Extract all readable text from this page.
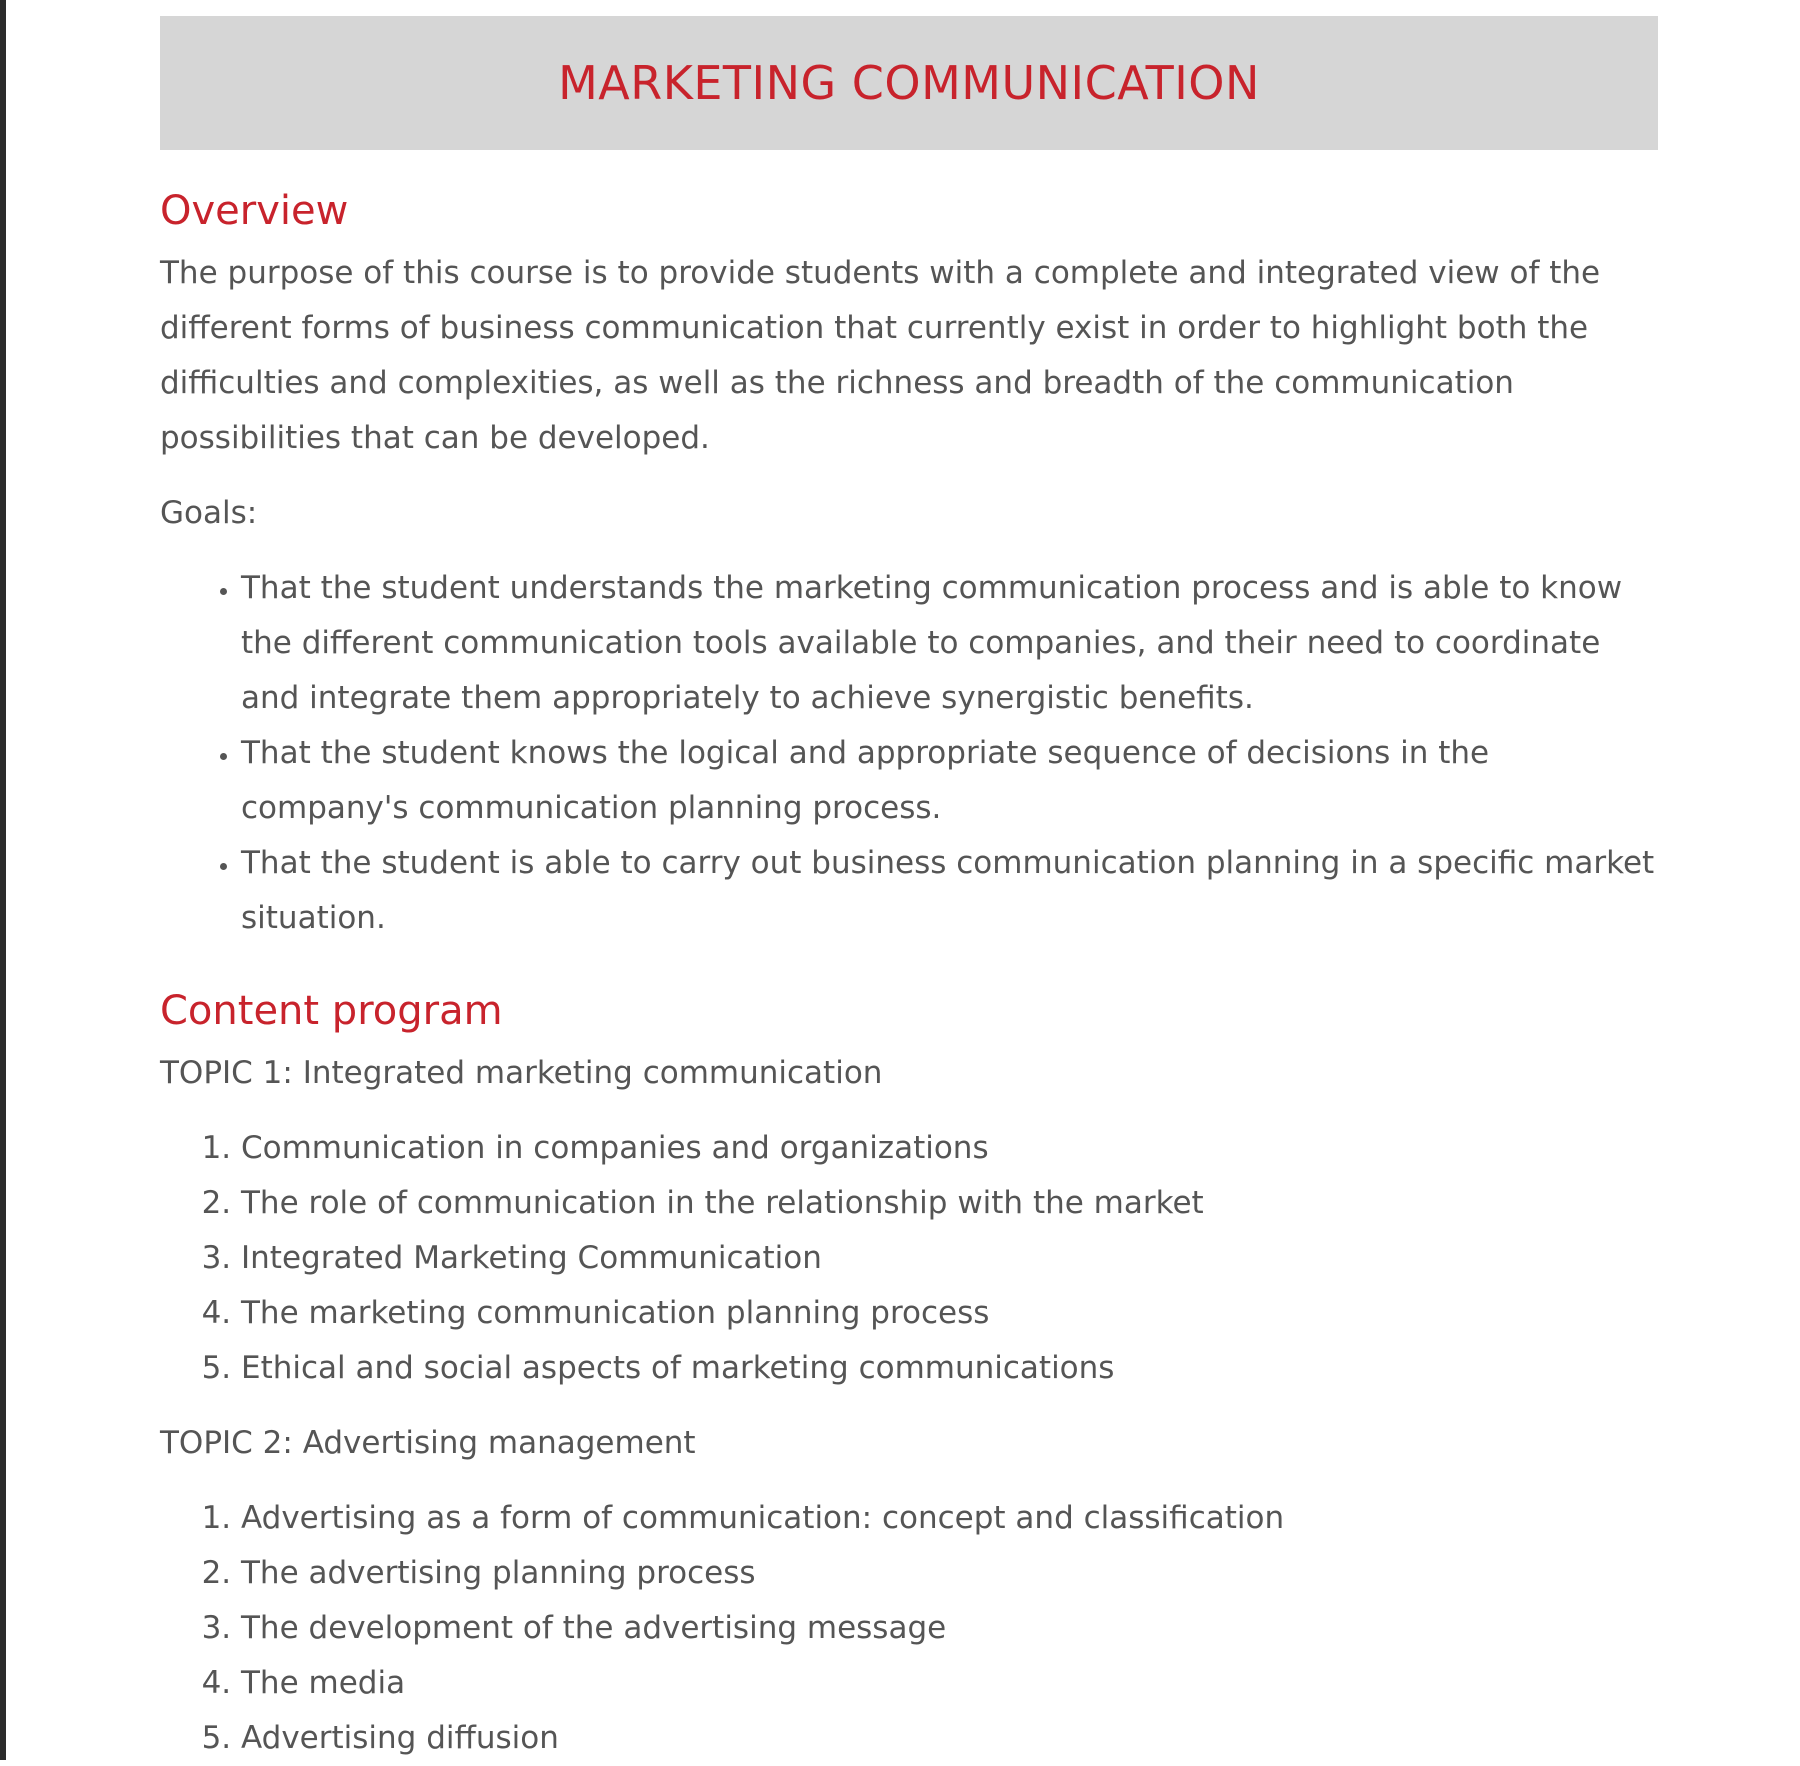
MARKETING COMMUNICATION
Overview

The purpose of this course is to provide students with a complete and integrated view of the different forms of business communication that currently exist in order to highlight both the difficulties and complexities, as well as the richness and breadth of the communication possibilities that can be developed.

Goals:

• That the student understands the marketing communication process and is able to know the different communication tools available to companies, and their need to coordinate and integrate them appropriately to achieve synergistic benefits.
• That the student knows the logical and appropriate sequence of decisions in the company's communication planning process.
• That the student is able to carry out business communication planning in a specific market situation.
Content program

TOPIC 1: Integrated marketing communication

1. Communication in companies and organizations
2. The role of communication in the relationship with the market
3. Integrated Marketing Communication
4. The marketing communication planning process
5. Ethical and social aspects of marketing communications

TOPIC 2: Advertising management

1. Advertising as a form of communication: concept and classification
2. The advertising planning process
3. The development of the advertising message
4. The media
5. Advertising diffusion
